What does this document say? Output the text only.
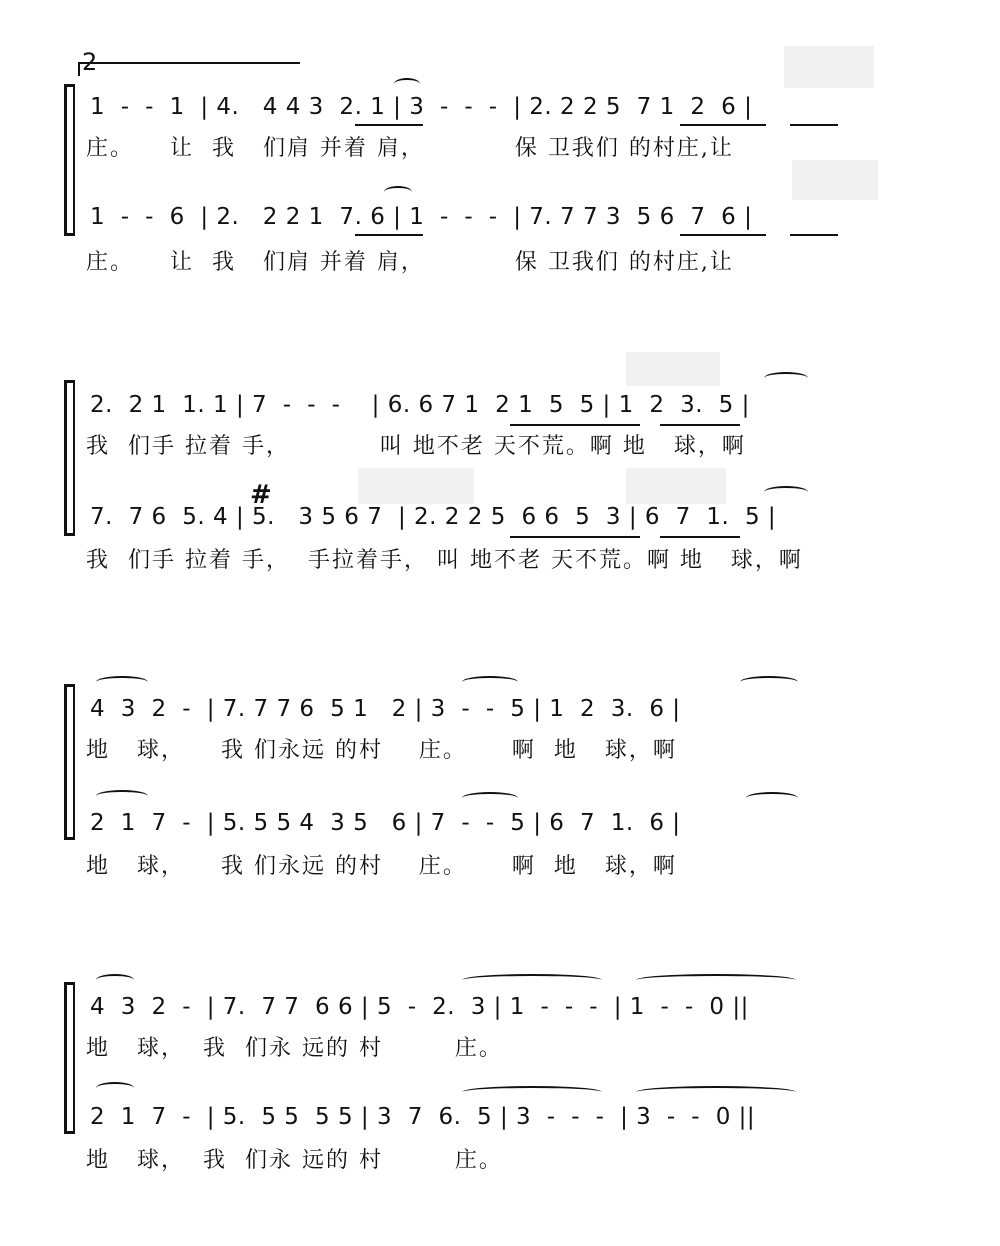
2
1  -  -  1  | 4.   4 4 3  2. 1 | 3  -  -  -  | 2. 2 2 5  7 1  2  6 |
庄。    让  我   们肩 并着 肩，          保 卫我们 的村庄,让
1  -  -  6  | 2.   2 2 1  7. 6 | 1  -  -  -  | 7. 7 7 3  5 6  7  6 |
庄。    让  我   们肩 并着 肩，          保 卫我们 的村庄,让
2.  2 1  1. 1 | 7  -  -  -    | 6. 6 7 1  2 1  5  5 | 1  2  3.  5 |
我  们手 拉着 手，          叫 地不老 天不荒。啊 地   球，啊
7.  7 6  5. 4 | 5.   3 5 6 7  | 2. 2 2 5  6 6  5  3 | 6  7  1.  5 |
我  们手 拉着 手，  手拉着手， 叫 地不老 天不荒。啊 地   球，啊
#
4  3  2  -  | 7. 7 7 6  5 1   2 | 3  -  -  5 | 1  2  3.  6 |
地   球，    我 们永远 的村    庄。     啊  地   球，啊
2  1  7  -  | 5. 5 5 4  3 5   6 | 7  -  -  5 | 6  7  1.  6 |
地   球，    我 们永远 的村    庄。     啊  地   球，啊
4  3  2  -  | 7.  7 7  6 6 | 5  -  2.  3 | 1  -  -  -  | 1  -  -  0 ||
地   球，  我  们永 远的 村        庄。
2  1  7  -  | 5.  5 5  5 5 | 3  7  6.  5 | 3  -  -  -  | 3  -  -  0 ||
地   球，  我  们永 远的 村        庄。
